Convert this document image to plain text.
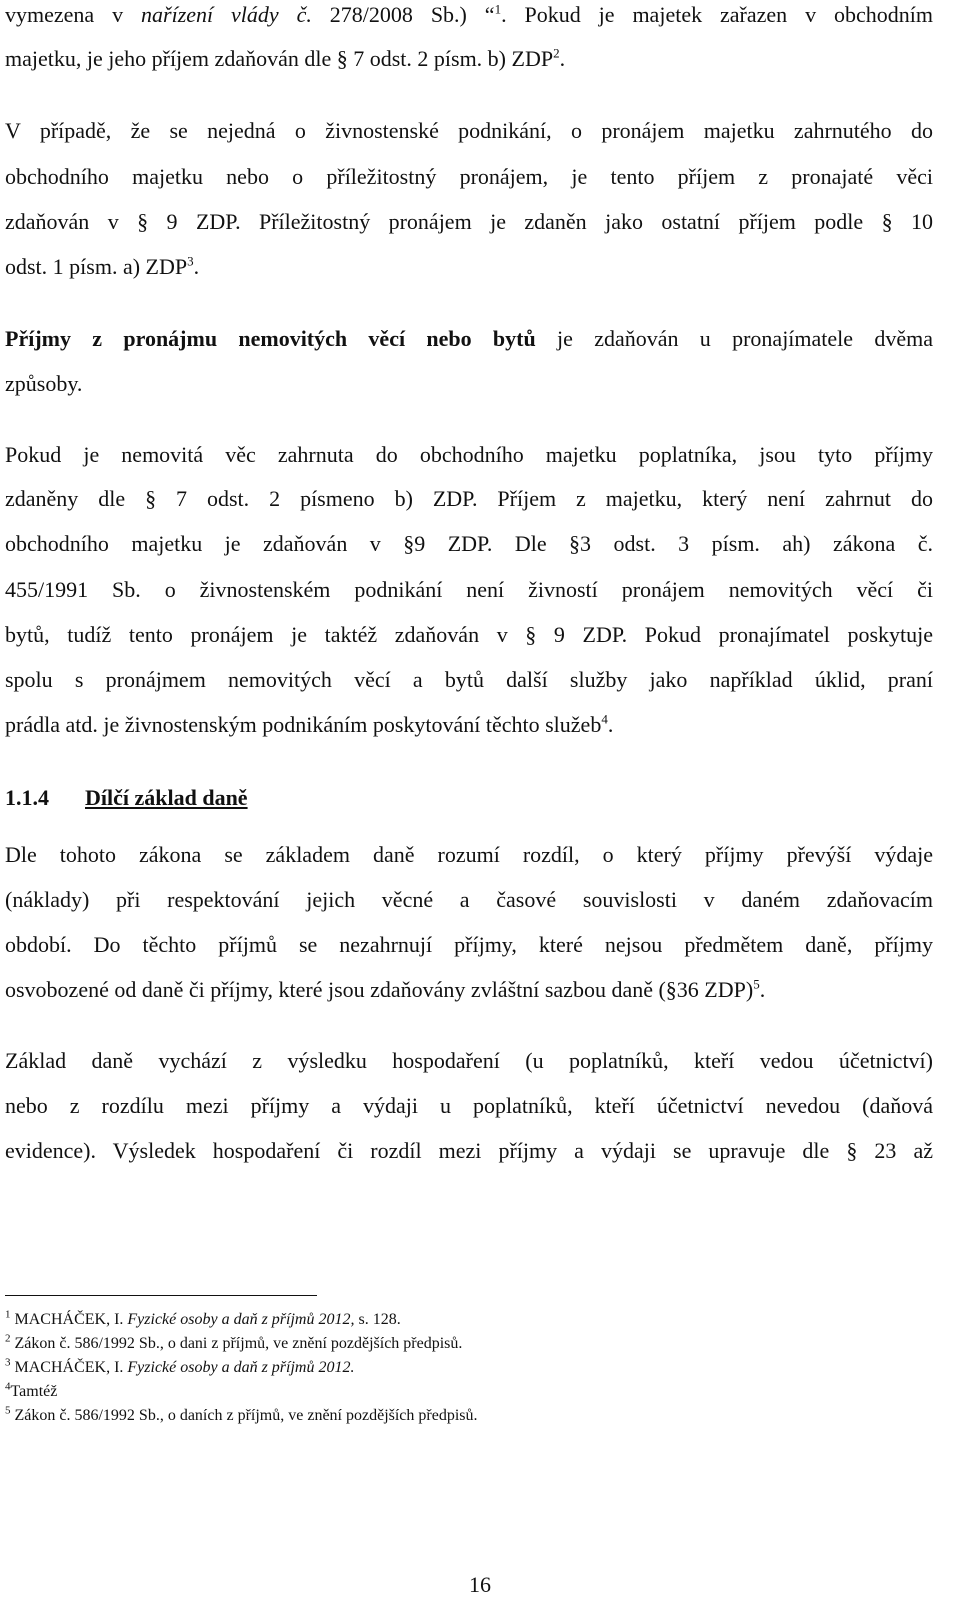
vymezena v nařízení vlády č. 278/2008 Sb.) “$^1$. Pokud je majetek zařazen v obchodním
majetku, je jeho příjem zdaňován dle § 7 odst. 2 písm. b) ZDP$^2$.
V případě, že se nejedná o živnostenské podnikání, o pronájem majetku zahrnutého do
obchodního majetku nebo o příležitostný pronájem, je tento příjem z pronajaté věci
zdaňován v § 9 ZDP. Příležitostný pronájem je zdaněn jako ostatní příjem podle § 10
odst. 1 písm. a) ZDP$^3$.
Příjmy z pronájmu nemovitých věcí nebo bytů je zdaňován u pronajímatele dvěma
způsoby.
Pokud je nemovitá věc zahrnuta do obchodního majetku poplatníka, jsou tyto příjmy
zdaněny dle § 7 odst. 2 písmeno b) ZDP. Příjem z majetku, který není zahrnut do
obchodního majetku je zdaňován v §9 ZDP. Dle §3 odst. 3 písm. ah) zákona č.
455/1991 Sb. o živnostenském podnikání není živností pronájem nemovitých věcí či
bytů, tudíž tento pronájem je taktéž zdaňován v § 9 ZDP. Pokud pronajímatel poskytuje
spolu s pronájmem nemovitých věcí a bytů další služby jako například úklid, praní
prádla atd. je živnostenským podnikáním poskytování těchto služeb$^4$.
1.1.4 Dílčí základ daně
Dle tohoto zákona se základem daně rozumí rozdíl, o který příjmy převýší výdaje
(náklady) při respektování jejich věcné a časové souvislosti v daném zdaňovacím
období. Do těchto příjmů se nezahrnují příjmy, které nejsou předmětem daně, příjmy
osvobozené od daně či příjmy, které jsou zdaňovány zvláštní sazbou daně (§36 ZDP)$^5$.
Základ daně vychází z výsledku hospodaření (u poplatníků, kteří vedou účetnictví)
nebo z rozdílu mezi příjmy a výdaji u poplatníků, kteří účetnictví nevedou (daňová
evidence). Výsledek hospodaření či rozdíl mezi příjmy a výdaji se upravuje dle § 23 až
$^1$ MACHÁČEK, I. Fyzické osoby a daň z příjmů 2012, s. 128.
$^2$ Zákon č. 586/1992 Sb., o dani z příjmů, ve znění pozdějších předpisů.
$^3$ MACHÁČEK, I. Fyzické osoby a daň z příjmů 2012.
$^4$Tamtéž
$^5$ Zákon č. 586/1992 Sb., o daních z příjmů, ve znění pozdějších předpisů.
16
